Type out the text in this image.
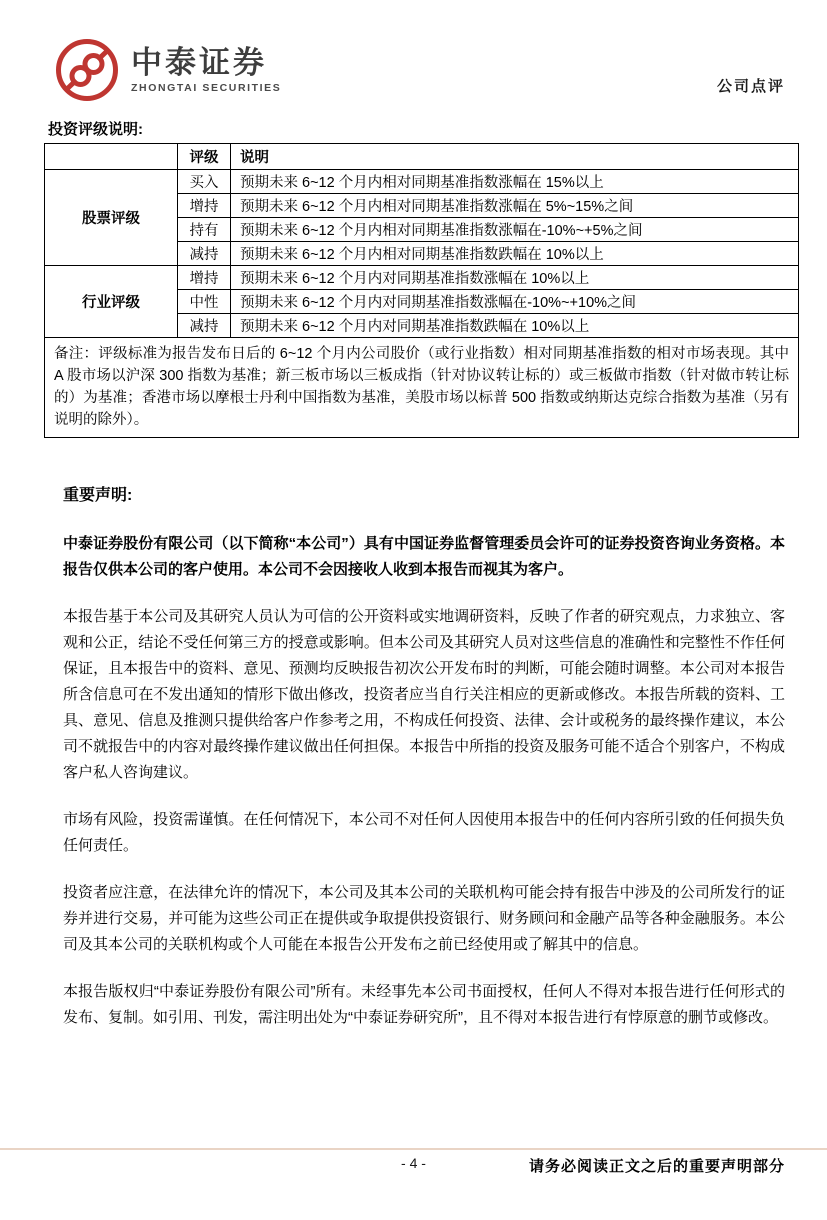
中泰证券
ZHONGTAI SECURITIES	公司点评
投资评级说明:
	评级	说明
股票评级	买入	预期未来 6~12 个月内相对同期基准指数涨幅在 15%以上
	增持	预期未来 6~12 个月内相对同期基准指数涨幅在 5%~15%之间
	持有	预期未来 6~12 个月内相对同期基准指数涨幅在-10%~+5%之间
	减持	预期未来 6~12 个月内相对同期基准指数跌幅在 10%以上
行业评级	增持	预期未来 6~12 个月内对同期基准指数涨幅在 10%以上
	中性	预期未来 6~12 个月内对同期基准指数涨幅在-10%~+10%之间
	减持	预期未来 6~12 个月内对同期基准指数跌幅在 10%以上
备注：评级标准为报告发布日后的 6~12 个月内公司股价（或行业指数）相对同期基准指数的相对市场表现。其中 A 股市场以沪深 300 指数为基准；新三板市场以三板成指（针对协议转让标的）或三板做市指数（针对做市转让标的）为基准；香港市场以摩根士丹利中国指数为基准，美股市场以标普 500 指数或纳斯达克综合指数为基准（另有说明的除外）。		
重要声明:

中泰证券股份有限公司（以下简称“本公司”）具有中国证券监督管理委员会许可的证券投资咨询业务资格。本报告仅供本公司的客户使用。本公司不会因接收人收到本报告而视其为客户。

本报告基于本公司及其研究人员认为可信的公开资料或实地调研资料，反映了作者的研究观点，力求独立、客观和公正，结论不受任何第三方的授意或影响。但本公司及其研究人员对这些信息的准确性和完整性不作任何保证，且本报告中的资料、意见、预测均反映报告初次公开发布时的判断，可能会随时调整。本公司对本报告所含信息可在不发出通知的情形下做出修改，投资者应当自行关注相应的更新或修改。本报告所载的资料、工具、意见、信息及推测只提供给客户作参考之用，不构成任何投资、法律、会计或税务的最终操作建议，本公司不就报告中的内容对最终操作建议做出任何担保。本报告中所指的投资及服务可能不适合个别客户，不构成客户私人咨询建议。

市场有风险，投资需谨慎。在任何情况下，本公司不对任何人因使用本报告中的任何内容所引致的任何损失负任何责任。

投资者应注意，在法律允许的情况下，本公司及其本公司的关联机构可能会持有报告中涉及的公司所发行的证券并进行交易，并可能为这些公司正在提供或争取提供投资银行、财务顾问和金融产品等各种金融服务。本公司及其本公司的关联机构或个人可能在本报告公开发布之前已经使用或了解其中的信息。

本报告版权归“中泰证券股份有限公司”所有。未经事先本公司书面授权，任何人不得对本报告进行任何形式的发布、复制。如引用、刊发，需注明出处为“中泰证券研究所”，且不得对本报告进行有悖原意的删节或修改。

- 4 -	请务必阅读正文之后的重要声明部分
